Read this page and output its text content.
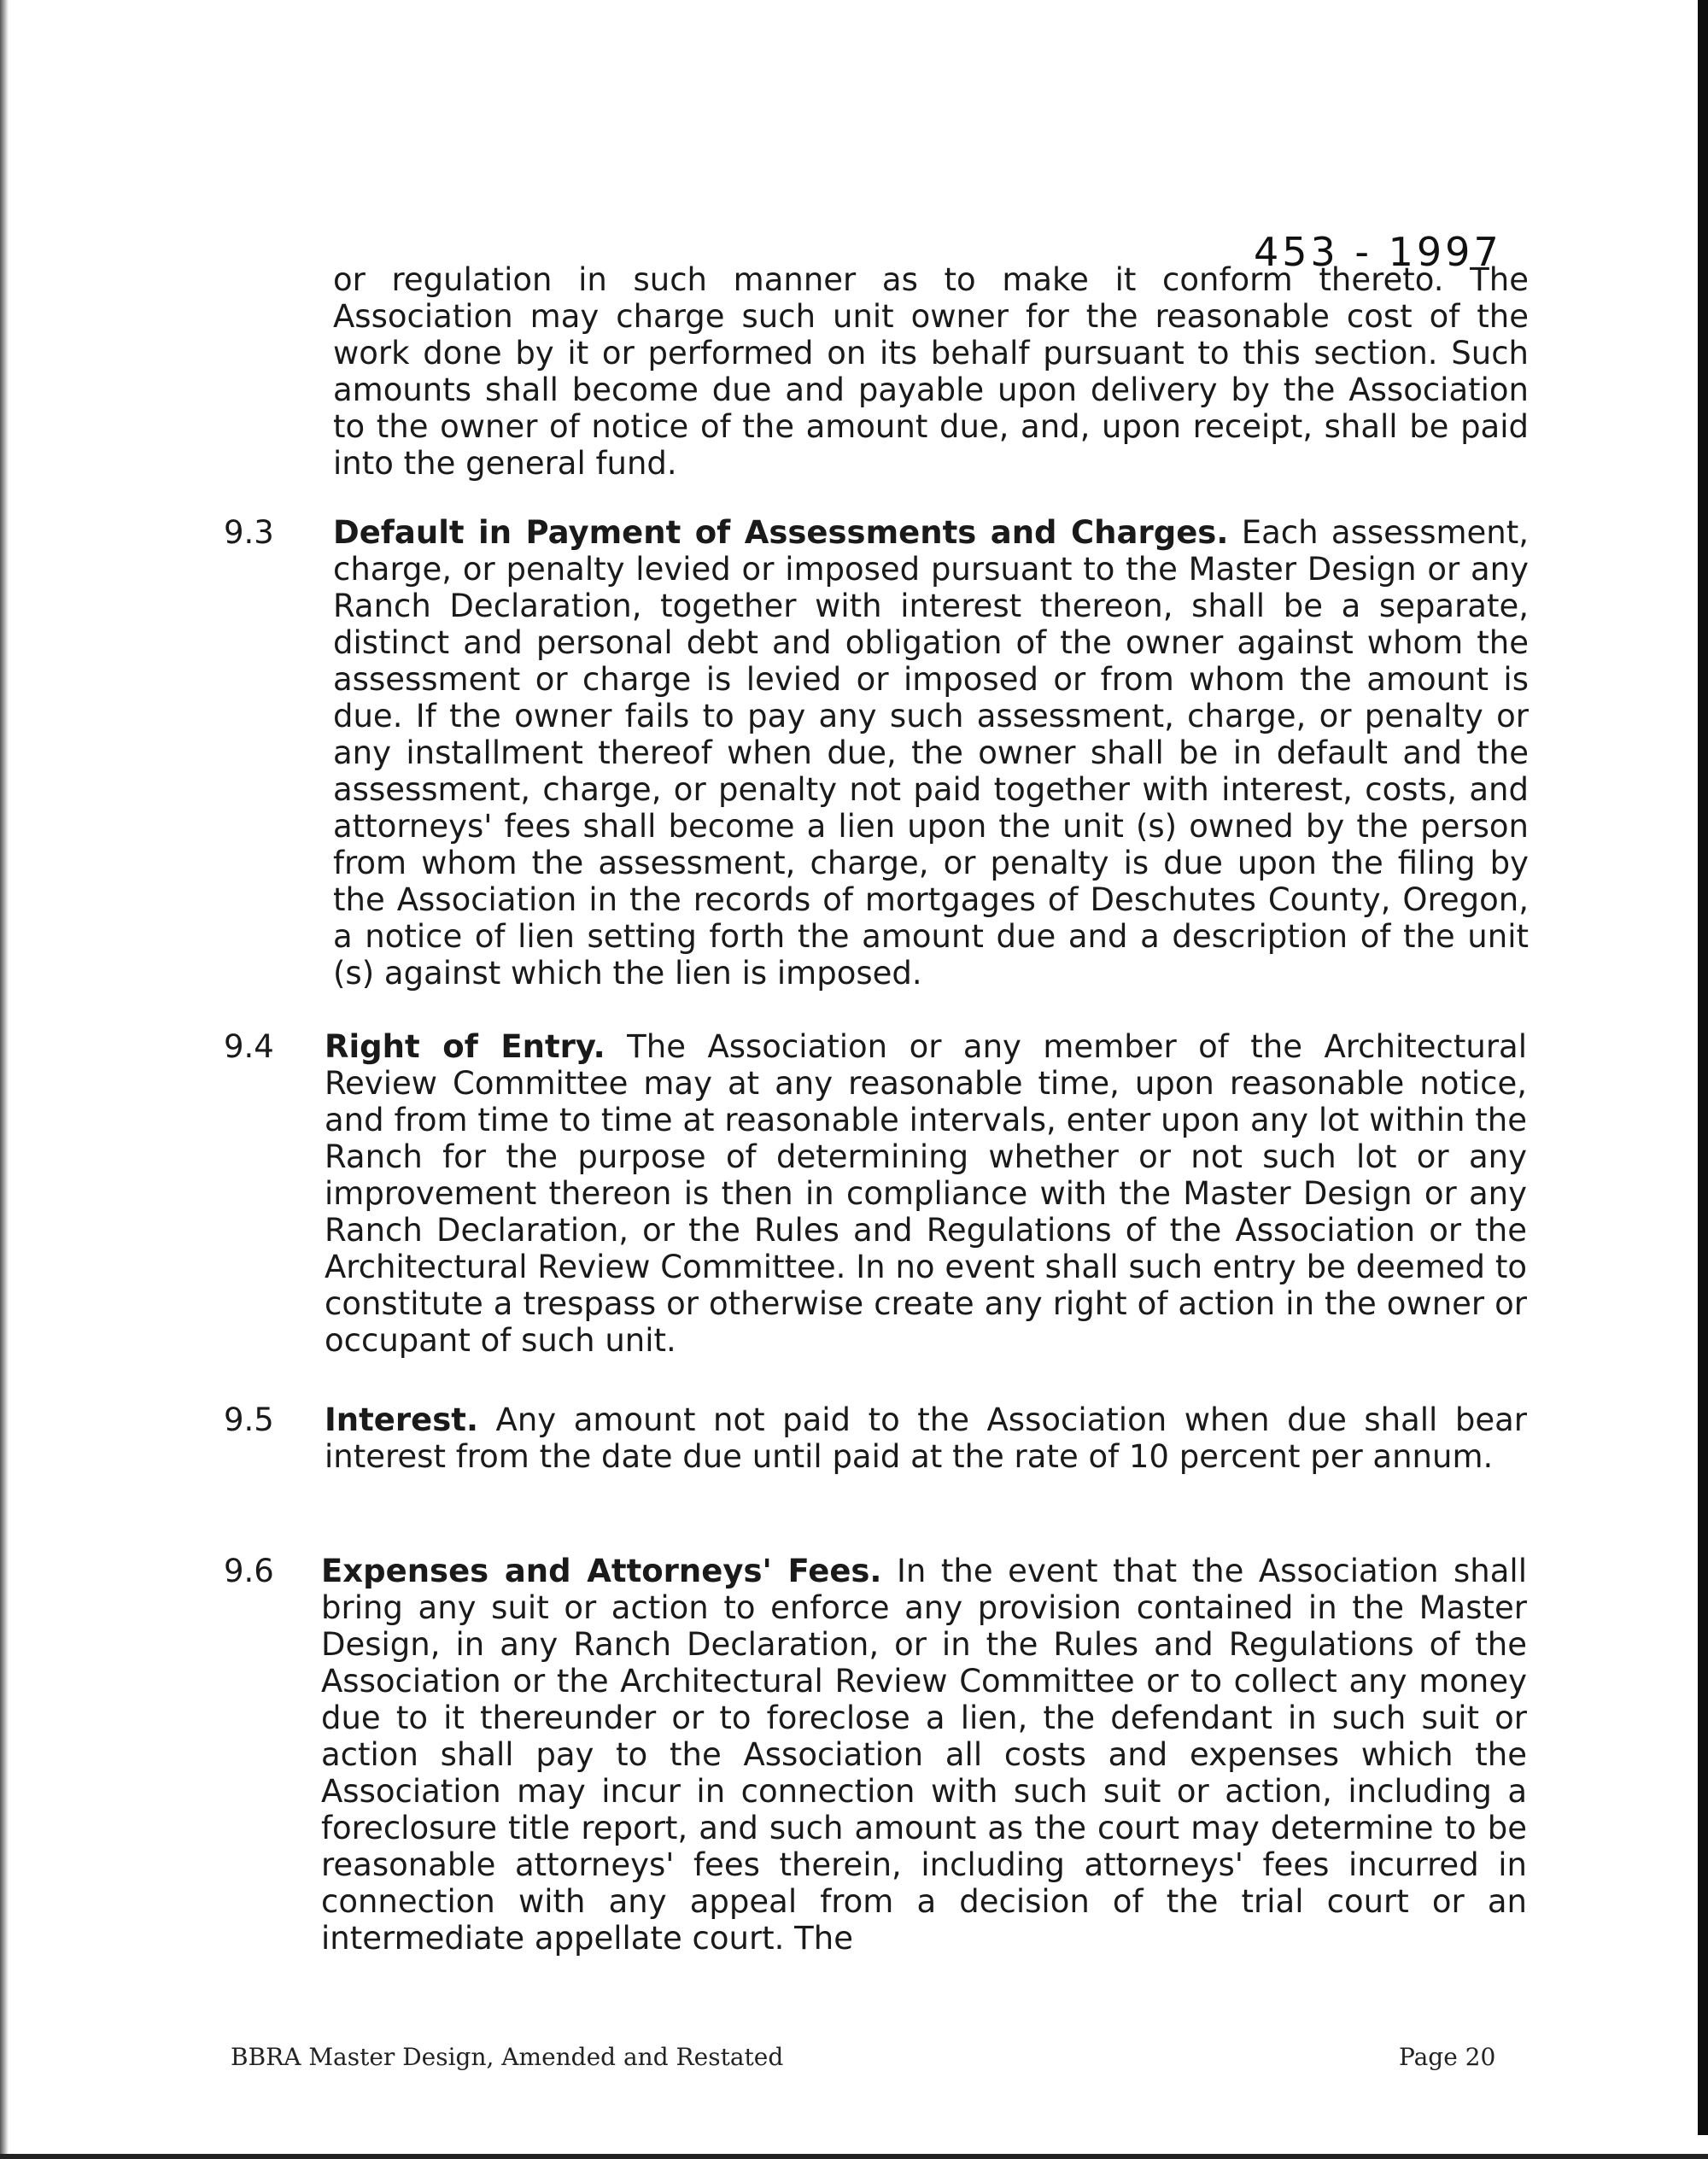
453 - 1997

or regulation in such manner as to make it conform thereto. The Association may charge such unit owner for the reasonable cost of the work done by it or performed on its behalf pursuant to this section. Such amounts shall become due and payable upon delivery by the Association to the owner of notice of the amount due, and, upon receipt, shall be paid into the general fund.

9.3 Default in Payment of Assessments and Charges. Each assessment, charge, or penalty levied or imposed pursuant to the Master Design or any Ranch Declaration, together with interest thereon, shall be a separate, distinct and personal debt and obligation of the owner against whom the assessment or charge is levied or imposed or from whom the amount is due. If the owner fails to pay any such assessment, charge, or penalty or any installment thereof when due, the owner shall be in default and the assessment, charge, or penalty not paid together with interest, costs, and attorneys' fees shall become a lien upon the unit (s) owned by the person from whom the assessment, charge, or penalty is due upon the filing by the Association in the records of mortgages of Deschutes County, Oregon, a notice of lien setting forth the amount due and a description of the unit (s) against which the lien is imposed.

9.4 Right of Entry. The Association or any member of the Architectural Review Committee may at any reasonable time, upon reasonable notice, and from time to time at reasonable intervals, enter upon any lot within the Ranch for the purpose of determining whether or not such lot or any improvement thereon is then in compliance with the Master Design or any Ranch Declaration, or the Rules and Regulations of the Association or the Architectural Review Committee. In no event shall such entry be deemed to constitute a trespass or otherwise create any right of action in the owner or occupant of such unit.

9.5 Interest. Any amount not paid to the Association when due shall bear interest from the date due until paid at the rate of 10 percent per annum.

9.6 Expenses and Attorneys' Fees. In the event that the Association shall bring any suit or action to enforce any provision contained in the Master Design, in any Ranch Declaration, or in the Rules and Regulations of the Association or the Architectural Review Committee or to collect any money due to it thereunder or to foreclose a lien, the defendant in such suit or action shall pay to the Association all costs and expenses which the Association may incur in connection with such suit or action, including a foreclosure title report, and such amount as the court may determine to be reasonable attorneys' fees therein, including attorneys' fees incurred in connection with any appeal from a decision of the trial court or an intermediate appellate court. The

BBRA Master Design, Amended and Restated	Page 20
